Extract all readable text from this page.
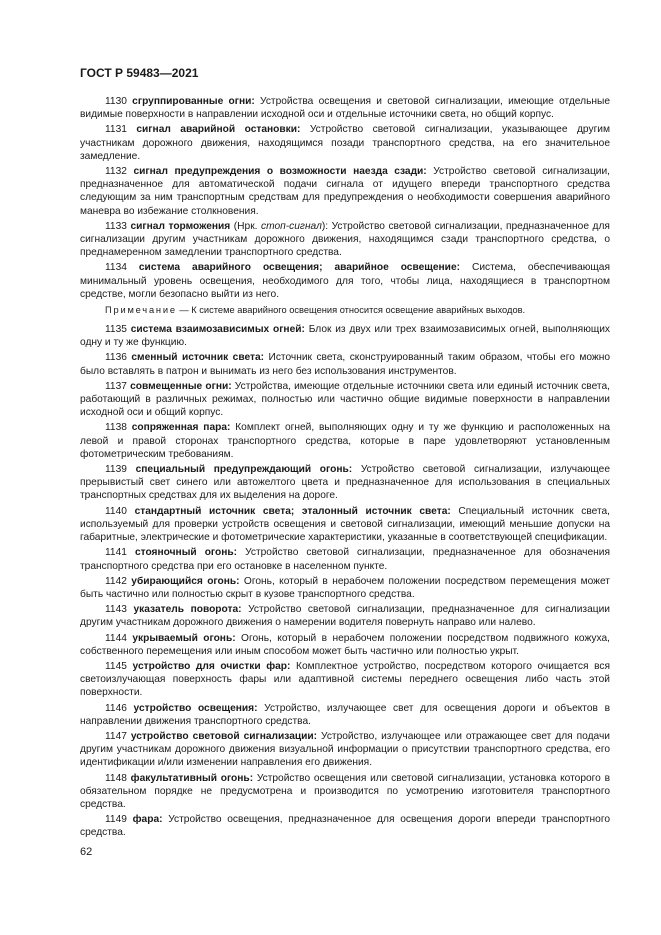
ГОСТ Р 59483—2021

1130 сгруппированные огни: Устройства освещения и световой сигнализации, имеющие отдельные видимые поверхности в направлении исходной оси и отдельные источники света, но общий корпус.

1131 сигнал аварийной остановки: Устройство световой сигнализации, указывающее другим участникам дорожного движения, находящимся позади транспортного средства, на его значительное замедление.

1132 сигнал предупреждения о возможности наезда сзади: Устройство световой сигнализации, предназначенное для автоматической подачи сигнала от идущего впереди транспортного средства следующим за ним транспортным средствам для предупреждения о необходимости совершения аварийного маневра во избежание столкновения.

1133 сигнал торможения (Нрк. стоп-сигнал): Устройство световой сигнализации, предназначенное для сигнализации другим участникам дорожного движения, находящимся сзади транспортного средства, о преднамеренном замедлении транспортного средства.

1134 система аварийного освещения; аварийное освещение: Система, обеспечивающая минимальный уровень освещения, необходимого для того, чтобы лица, находящиеся в транспортном средстве, могли безопасно выйти из него.

Примечание — К системе аварийного освещения относится освещение аварийных выходов.

1135 система взаимозависимых огней: Блок из двух или трех взаимозависимых огней, выполняющих одну и ту же функцию.

1136 сменный источник света: Источник света, сконструированный таким образом, чтобы его можно было вставлять в патрон и вынимать из него без использования инструментов.

1137 совмещенные огни: Устройства, имеющие отдельные источники света или единый источник света, работающий в различных режимах, полностью или частично общие видимые поверхности в направлении исходной оси и общий корпус.

1138 сопряженная пара: Комплект огней, выполняющих одну и ту же функцию и расположенных на левой и правой сторонах транспортного средства, которые в паре удовлетворяют установленным фотометрическим требованиям.

1139 специальный предупреждающий огонь: Устройство световой сигнализации, излучающее прерывистый свет синего или автожелтого цвета и предназначенное для использования в специальных транспортных средствах для их выделения на дороге.

1140 стандартный источник света; эталонный источник света: Специальный источник света, используемый для проверки устройств освещения и световой сигнализации, имеющий меньшие допуски на габаритные, электрические и фотометрические характеристики, указанные в соответствующей спецификации.

1141 стояночный огонь: Устройство световой сигнализации, предназначенное для обозначения транспортного средства при его остановке в населенном пункте.

1142 убирающийся огонь: Огонь, который в нерабочем положении посредством перемещения может быть частично или полностью скрыт в кузове транспортного средства.

1143 указатель поворота: Устройство световой сигнализации, предназначенное для сигнализации другим участникам дорожного движения о намерении водителя повернуть направо или налево.

1144 укрываемый огонь: Огонь, который в нерабочем положении посредством подвижного кожуха, собственного перемещения или иным способом может быть частично или полностью укрыт.

1145 устройство для очистки фар: Комплектное устройство, посредством которого очищается вся светоизлучающая поверхность фары или адаптивной системы переднего освещения либо часть этой поверхности.

1146 устройство освещения: Устройство, излучающее свет для освещения дороги и объектов в направлении движения транспортного средства.

1147 устройство световой сигнализации: Устройство, излучающее или отражающее свет для подачи другим участникам дорожного движения визуальной информации о присутствии транспортного средства, его идентификации и/или изменении направления его движения.

1148 факультативный огонь: Устройство освещения или световой сигнализации, установка которого в обязательном порядке не предусмотрена и производится по усмотрению изготовителя транспортного средства.

1149 фара: Устройство освещения, предназначенное для освещения дороги впереди транспортного средства.

62
